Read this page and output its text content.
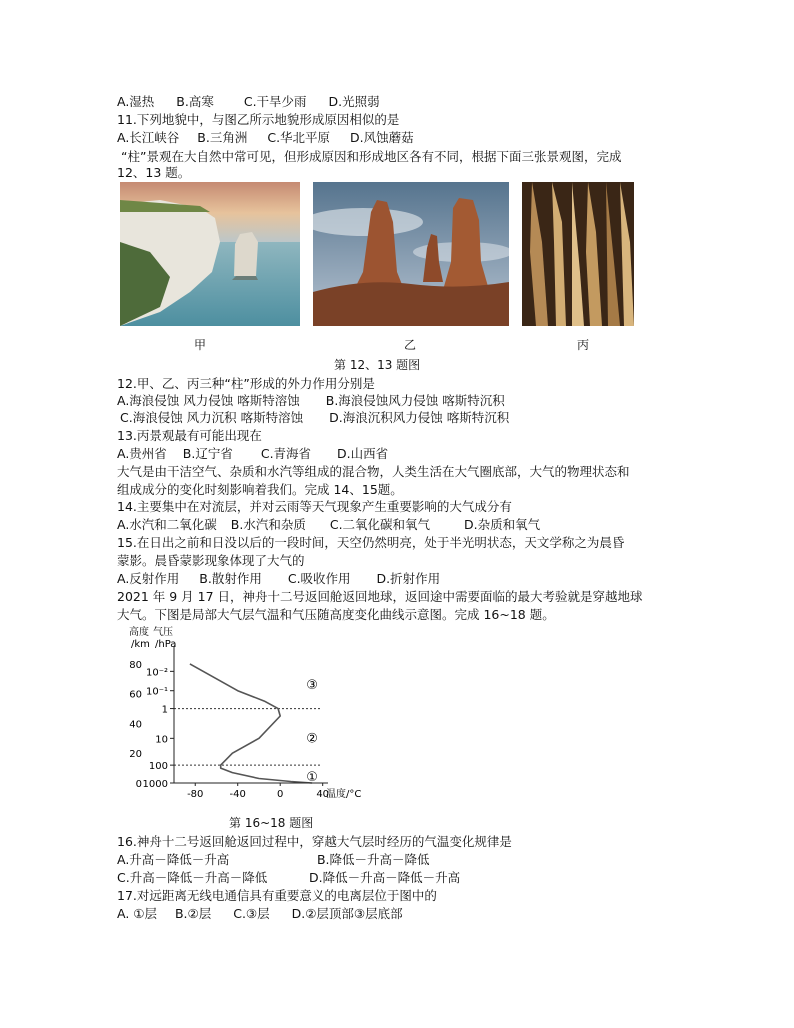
A.湿热 B.高寒 C.干旱少雨 D.光照弱
11.下列地貌中，与图乙所示地貌形成原因相似的是
A.长江峡谷 B.三角洲 C.华北平原 D.风蚀蘑菇
“柱”景观在大自然中常可见，但形成原因和形成地区各有不同，根据下面三张景观图，完成
12、13 题。
甲	乙	丙
第 12、13 题图
12.甲、乙、丙三种“柱”形成的外力作用分别是
A.海浪侵蚀 风力侵蚀 喀斯特溶蚀 B.海浪侵蚀风力侵蚀 喀斯特沉积
C.海浪侵蚀 风力沉积 喀斯特溶蚀 D.海浪沉积风力侵蚀 喀斯特沉积
13.丙景观最有可能出现在
A.贵州省 B.辽宁省 C.青海省 D.山西省
大气是由干洁空气、杂质和水汽等组成的混合物，人类生活在大气圈底部，大气的物理状态和
组成成分的变化时刻影响着我们。完成 14、15题。
14.主要集中在对流层，并对云雨等天气现象产生重要影响的大气成分有
A.水汽和二氧化碳 B.水汽和杂质 C.二氧化碳和氧气	D.杂质和氧气
15.在日出之前和日没以后的一段时间，天空仍然明亮，处于半光明状态，天文学称之为晨昏
蒙影。晨昏蒙影现象体现了大气的
A.反射作用 B.散射作用 C.吸收作用 D.折射作用
2021 年 9 月 17 日，神舟十二号返回舱返回地球，返回途中需要面临的最大考验就是穿越地球
大气。下图是局部大气层气温和气压随高度变化曲线示意图。完成 16~18 题。
高度 气压
/km /hPa
80
60
40
20
0
10⁻²
10⁻¹
1
10
100
1000
-80	-40	0	40
①
②
③
温度/°C
第 16~18 题图
16.神舟十二号返回舱返回过程中，穿越大气层时经历的气温变化规律是
A.升高－降低－升高	B.降低－升高－降低
C.升高－降低－升高－降低	D.降低－升高－降低－升高
17.对远距离无线电通信具有重要意义的电离层位于图中的
A. ①层 B.②层 C.③层 D.②层顶部③层底部
